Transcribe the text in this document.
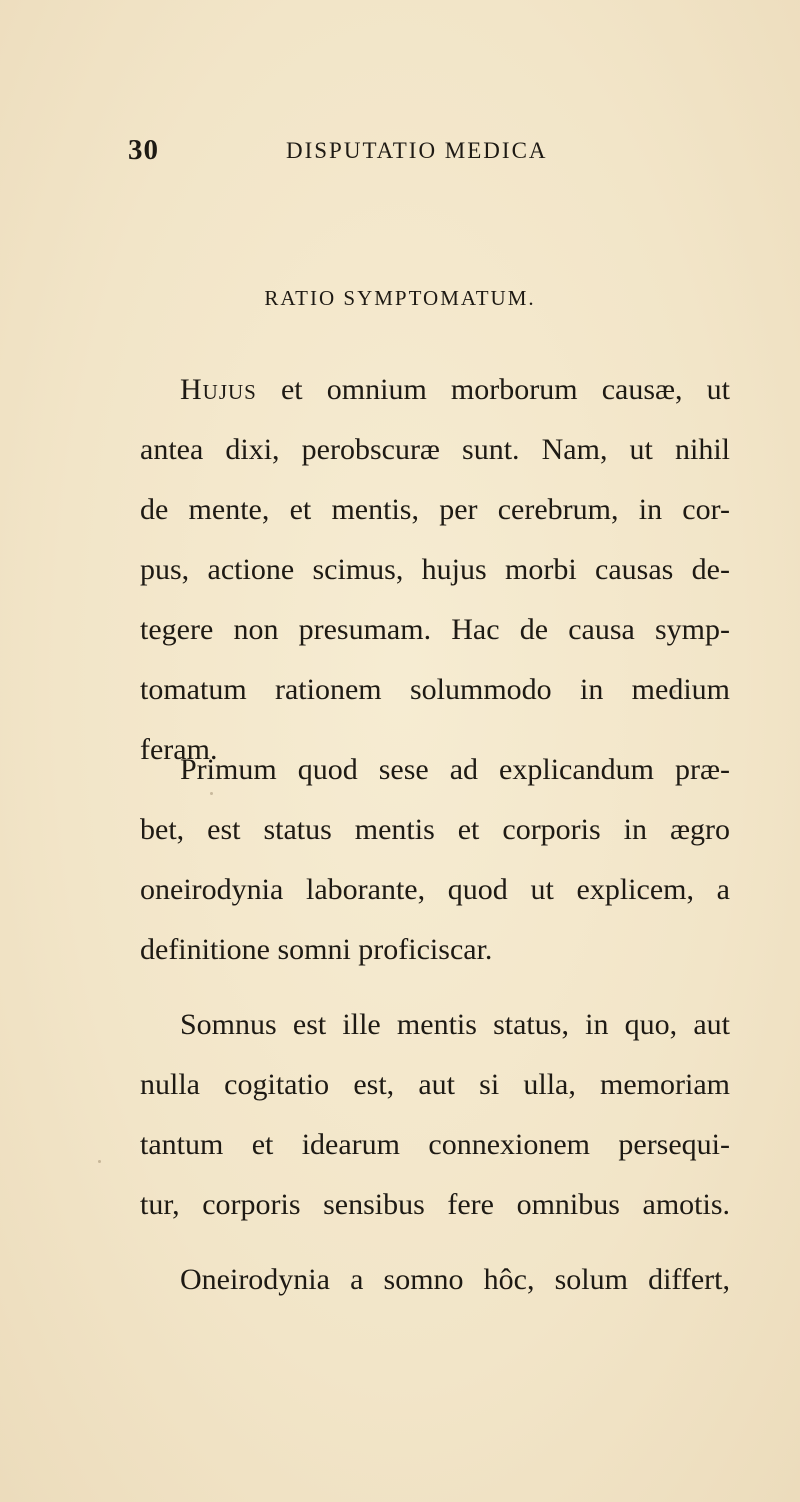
30	DISPUTATIO MEDICA
RATIO SYMPTOMATUM.
Hujus et omnium morborum causæ, ut
antea dixi, perobscuræ sunt. Nam, ut nihil
de mente, et mentis, per cerebrum, in cor-
pus, actione scimus, hujus morbi causas de-
tegere non presumam. Hac de causa symp-
tomatum rationem solummodo in medium
feram.
Primum quod sese ad explicandum præ-
bet, est status mentis et corporis in ægro
oneirodynia laborante, quod ut explicem, a
definitione somni proficiscar.
Somnus est ille mentis status, in quo, aut
nulla cogitatio est, aut si ulla, memoriam
tantum et idearum connexionem persequi-
tur, corporis sensibus fere omnibus amotis.
Oneirodynia a somno hôc, solum differt,
